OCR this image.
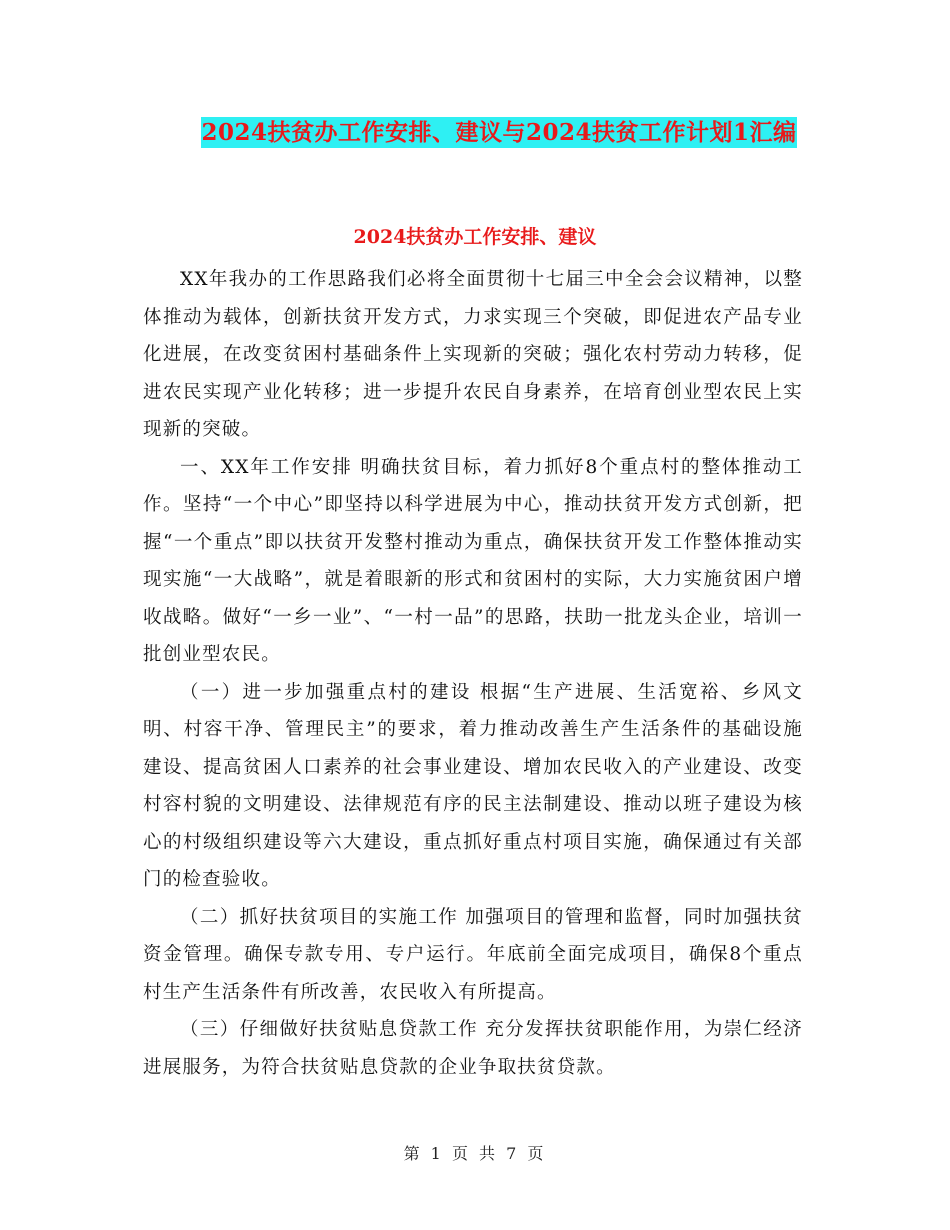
2024扶贫办工作安排、建议与2024扶贫工作计划1汇编
2024扶贫办工作安排、建议

XX年我办的工作思路我们必将全面贯彻十七届三中全会会议精神，以整体推动为载体，创新扶贫开发方式，力求实现三个突破，即促进农产品专业化进展，在改变贫困村基础条件上实现新的突破；强化农村劳动力转移，促进农民实现产业化转移；进一步提升农民自身素养，在培育创业型农民上实现新的突破。

一、XX年工作安排 明确扶贫目标，着力抓好8个重点村的整体推动工作。坚持“一个中心”即坚持以科学进展为中心，推动扶贫开发方式创新，把握“一个重点”即以扶贫开发整村推动为重点，确保扶贫开发工作整体推动实现实施“一大战略”，就是着眼新的形式和贫困村的实际，大力实施贫困户增收战略。做好“一乡一业”、“一村一品”的思路，扶助一批龙头企业，培训一批创业型农民。

（一）进一步加强重点村的建设 根据“生产进展、生活宽裕、乡风文明、村容干净、管理民主”的要求，着力推动改善生产生活条件的基础设施建设、提高贫困人口素养的社会事业建设、增加农民收入的产业建设、改变村容村貌的文明建设、法律规范有序的民主法制建设、推动以班子建设为核心的村级组织建设等六大建设，重点抓好重点村项目实施，确保通过有关部门的检查验收。

（二）抓好扶贫项目的实施工作 加强项目的管理和监督，同时加强扶贫资金管理。确保专款专用、专户运行。年底前全面完成项目，确保8个重点村生产生活条件有所改善，农民收入有所提高。

（三）仔细做好扶贫贴息贷款工作 充分发挥扶贫职能作用，为崇仁经济进展服务，为符合扶贫贴息贷款的企业争取扶贫贷款。

第 1 页 共 7 页
